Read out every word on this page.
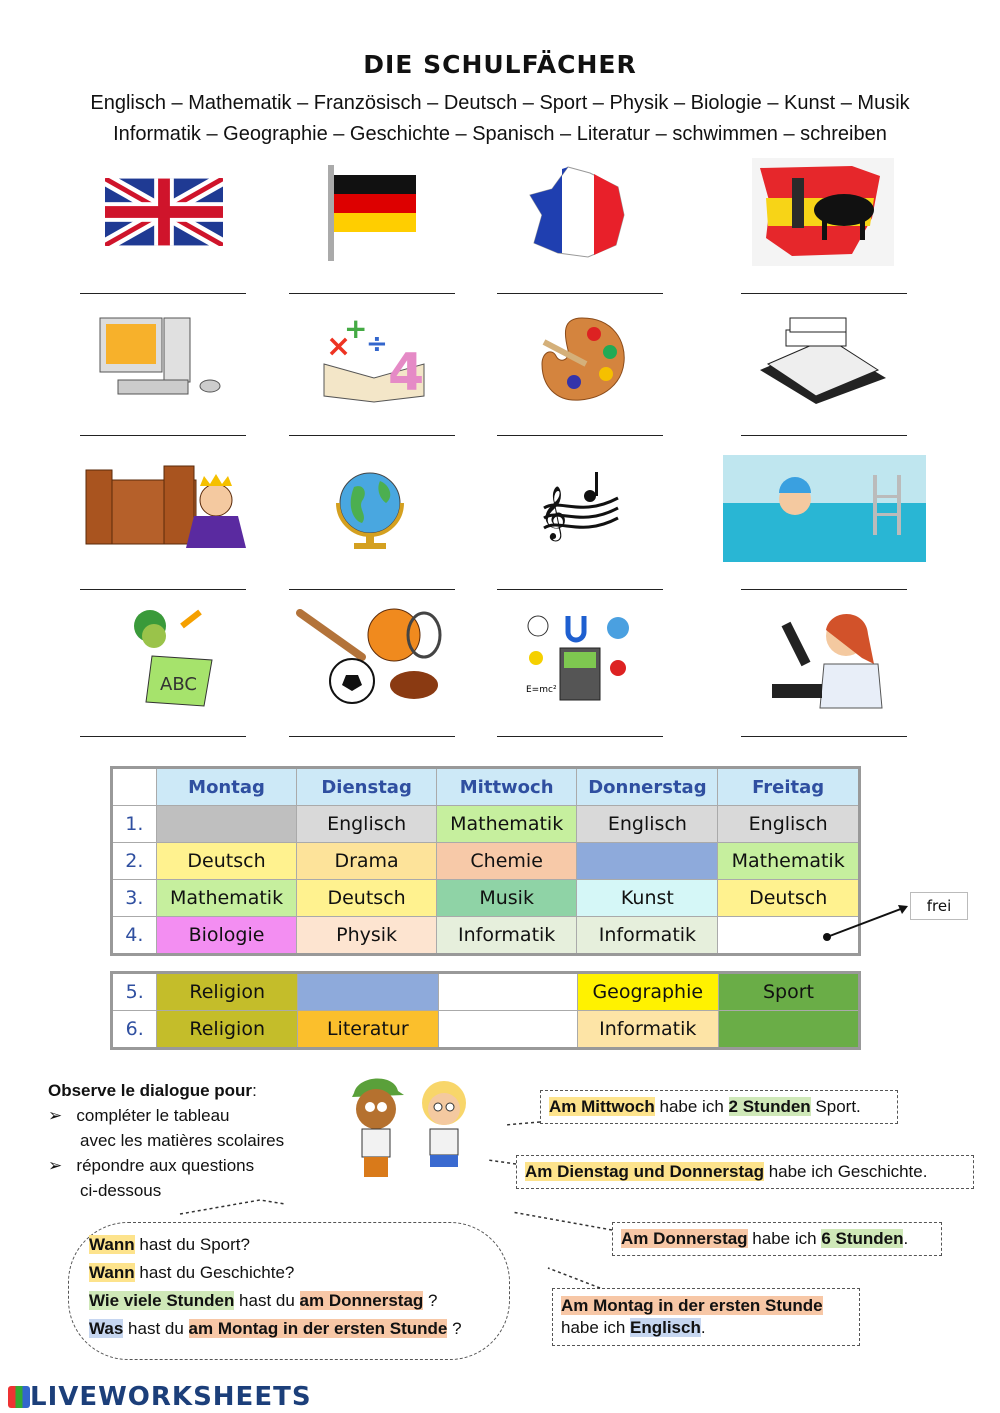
DIE SCHULFÄCHER
Englisch – Mathematik – Französisch – Deutsch – Sport – Physik – Biologie – Kunst – Musik
Informatik – Geographie – Geschichte – Spanisch – Literatur – schwimmen – schreiben
×
+
÷ 4
𝄞
ABC	E=mc²
	Montag	Dienstag	Mittwoch	Donnerstag	Freitag
1.		Englisch	Mathematik	Englisch	Englisch
2.	Deutsch	Drama	Chemie		Mathematik
3.	Mathematik	Deutsch	Musik	Kunst	Deutsch
4.	Biologie	Physik	Informatik	Informatik	
frei
5.	Religion			Geographie	Sport
6.	Religion	Literatur		Informatik	
Observe le dialogue pour:
➢ compléter le tableau
avec les matières scolaires
➢ répondre aux questions
ci-dessous
Am Mittwoch habe ich 2 Stunden Sport.
Am Dienstag und Donnerstag habe ich Geschichte.
Am Donnerstag habe ich 6 Stunden.
Am Montag in der ersten Stunde
habe ich Englisch.
Wann hast du Sport?
Wann hast du Geschichte?
Wie viele Stunden hast du am Donnerstag ?
Was hast du am Montag in der ersten Stunde ?
LIVEWORKSHEETS
